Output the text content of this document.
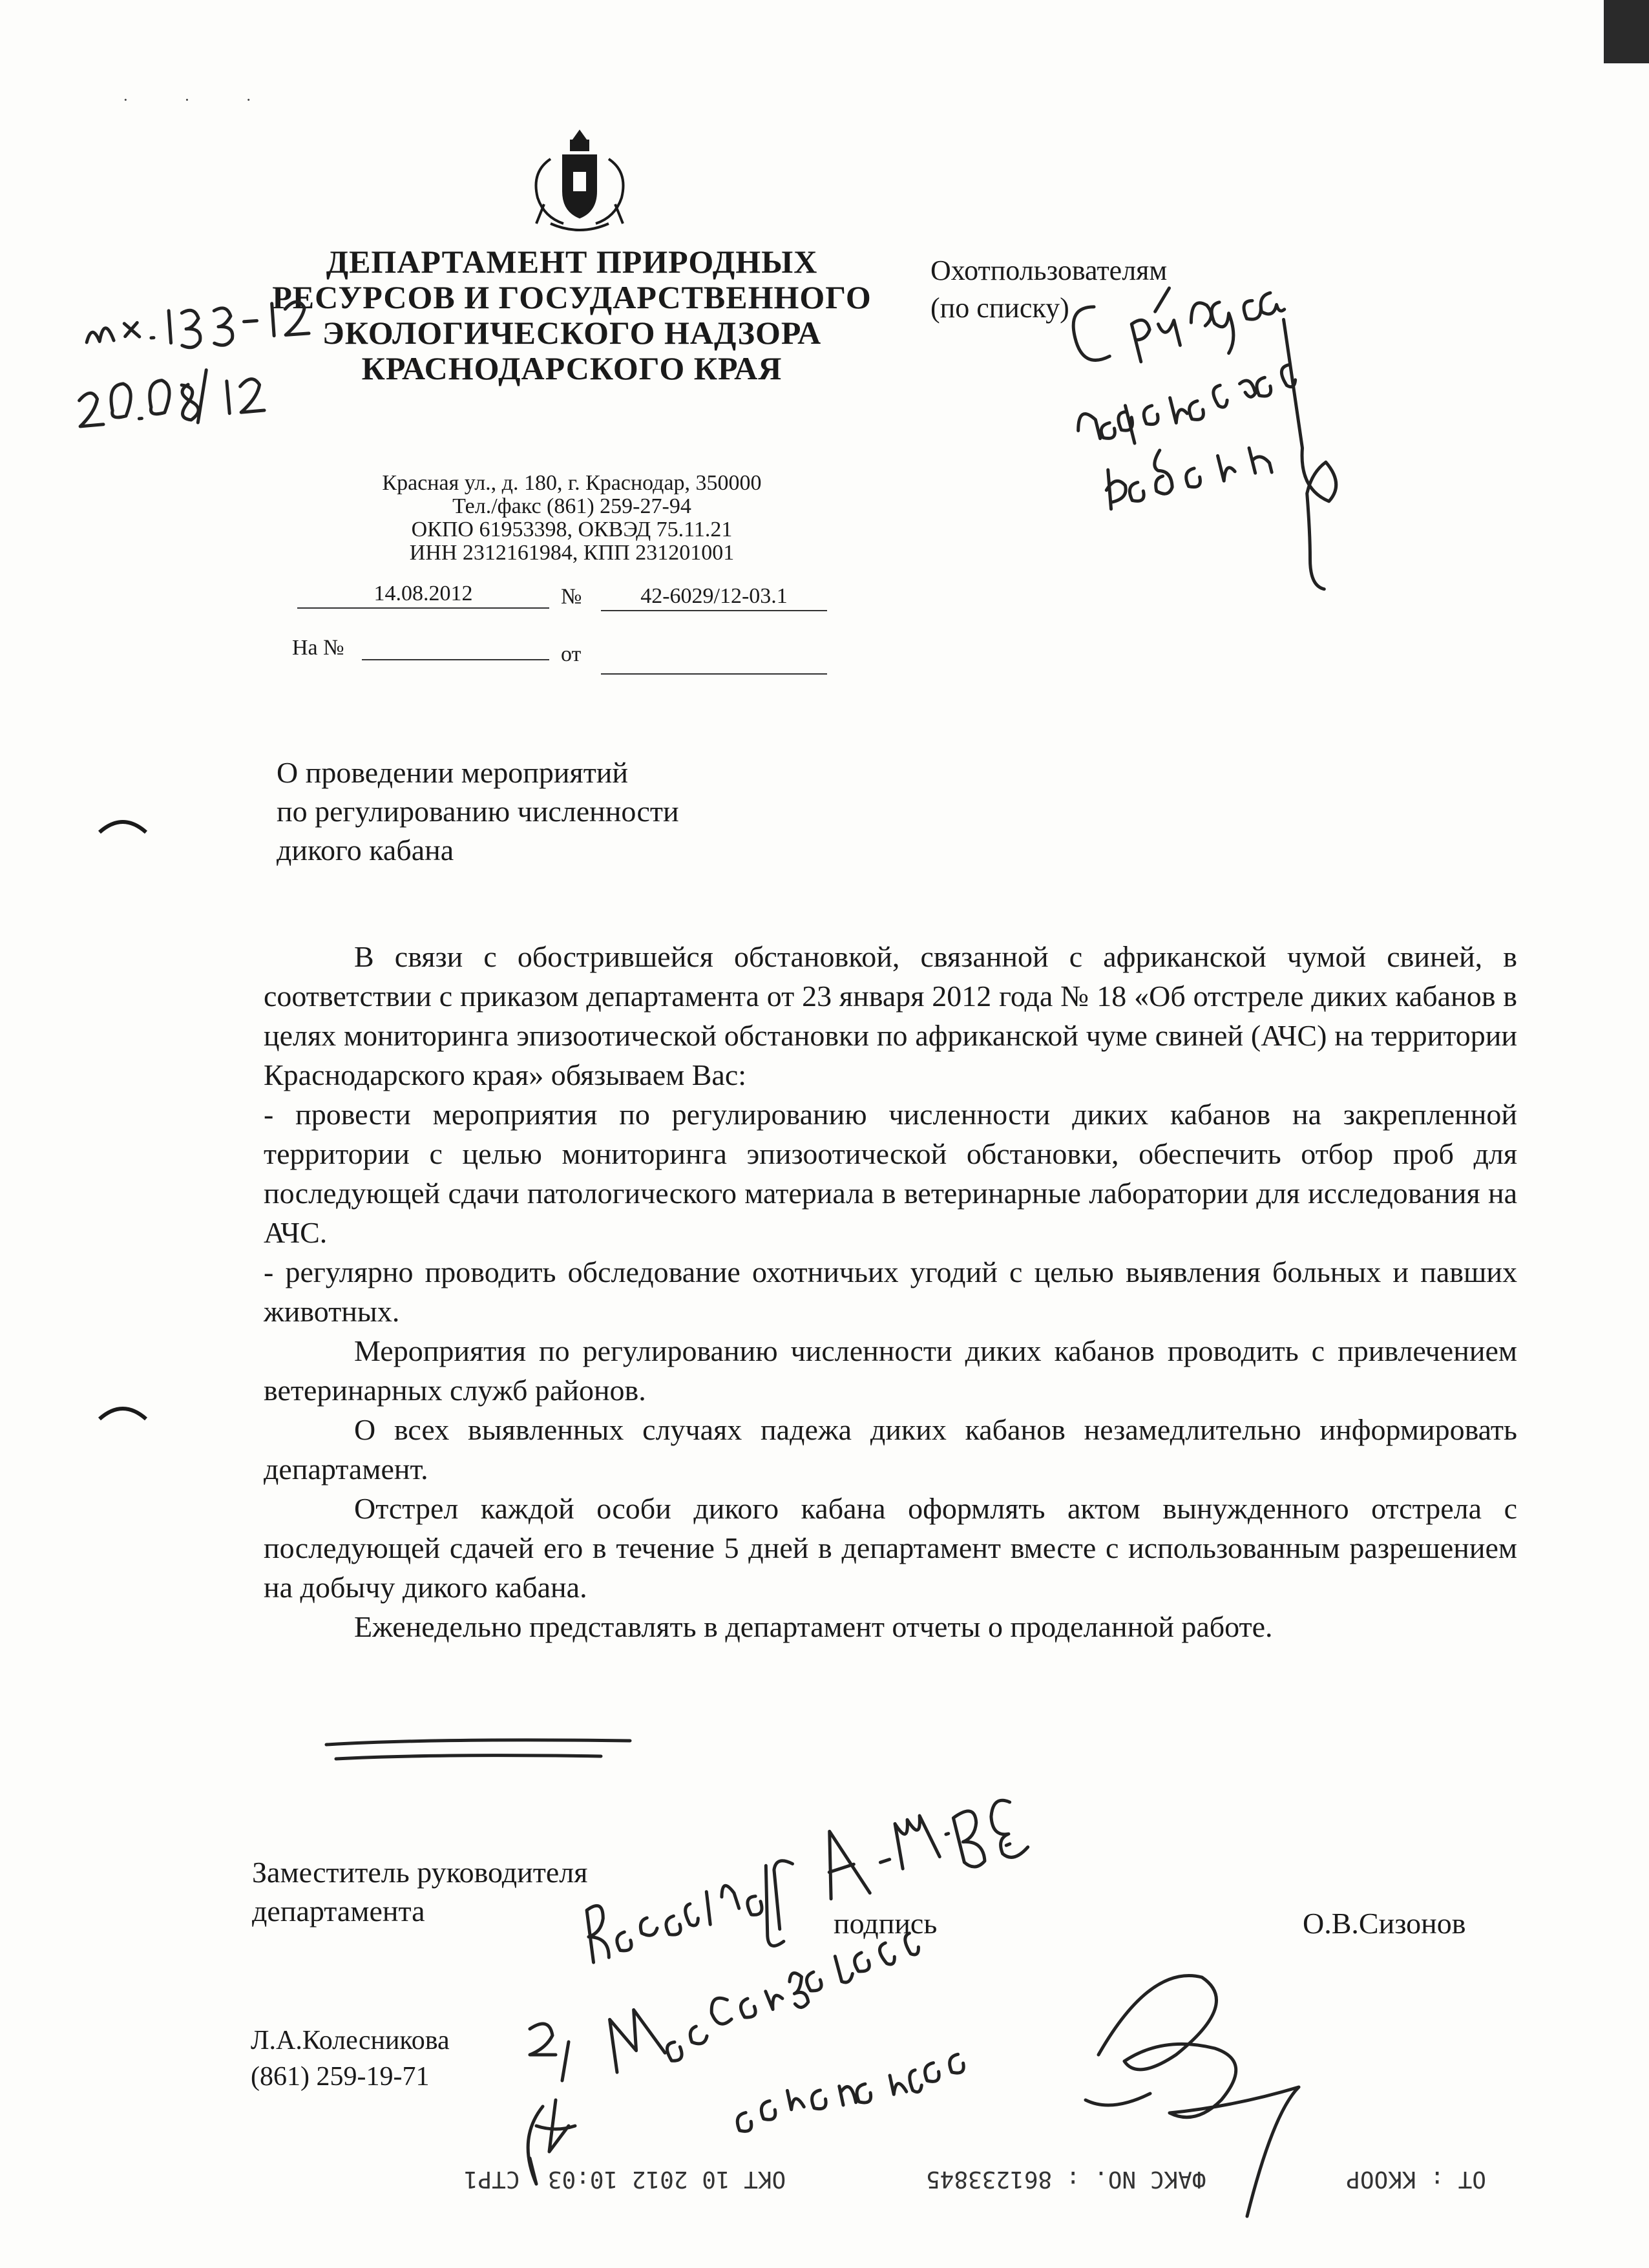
· · ·
ДЕПАРТАМЕНТ ПРИРОДНЫХ РЕСУРСОВ И ГОСУДАРСТВЕННОГО ЭКОЛОГИЧЕСКОГО НАДЗОРА КРАСНОДАРСКОГО КРАЯ
Красная ул., д. 180, г. Краснодар, 350000
Тел./факс (861) 259-27-94
ОКПО 61953398, ОКВЭД 75.11.21
ИНН 2312161984, КПП 231201001
14.08.2012	№	42-6029/12-03.1
На №	от
Охотпользователям
(по списку)
О проведении мероприятий
по регулированию численности
дикого кабана

В связи с обострившейся обстановкой, связанной с африканской чумой свиней, в соответствии с приказом департамента от 23 января 2012 года № 18 «Об отстреле диких кабанов в целях мониторинга эпизоотической обстановки по африканской чуме свиней (АЧС) на территории Краснодарского края» обязываем Вас:

- провести мероприятия по регулированию численности диких кабанов на закрепленной территории с целью мониторинга эпизоотической обстановки, обеспечить отбор проб для последующей сдачи патологического материала в ветеринарные лаборатории для исследования на АЧС.

- регулярно проводить обследование охотничьих угодий с целью выявления больных и павших животных.

Мероприятия по регулированию численности диких кабанов проводить с привлечением ветеринарных служб районов.

О всех выявленных случаях падежа диких кабанов незамедлительно информировать департамент.

Отстрел каждой особи дикого кабана оформлять актом вынужденного отстрела с последующей сдачей его в течение 5 дней в департамент вместе с использованным разрешением на добычу дикого кабана.

Еженедельно представлять в департамент отчеты о проделанной работе.

Заместитель руководителя
департамента	подпись	О.В.Сизонов
Л.А.Колесникова
(861) 259-19-71
ОТ : ККООР          ФАКС NO. : 861233845          ОКТ 10 2012 10:03  СТР1
